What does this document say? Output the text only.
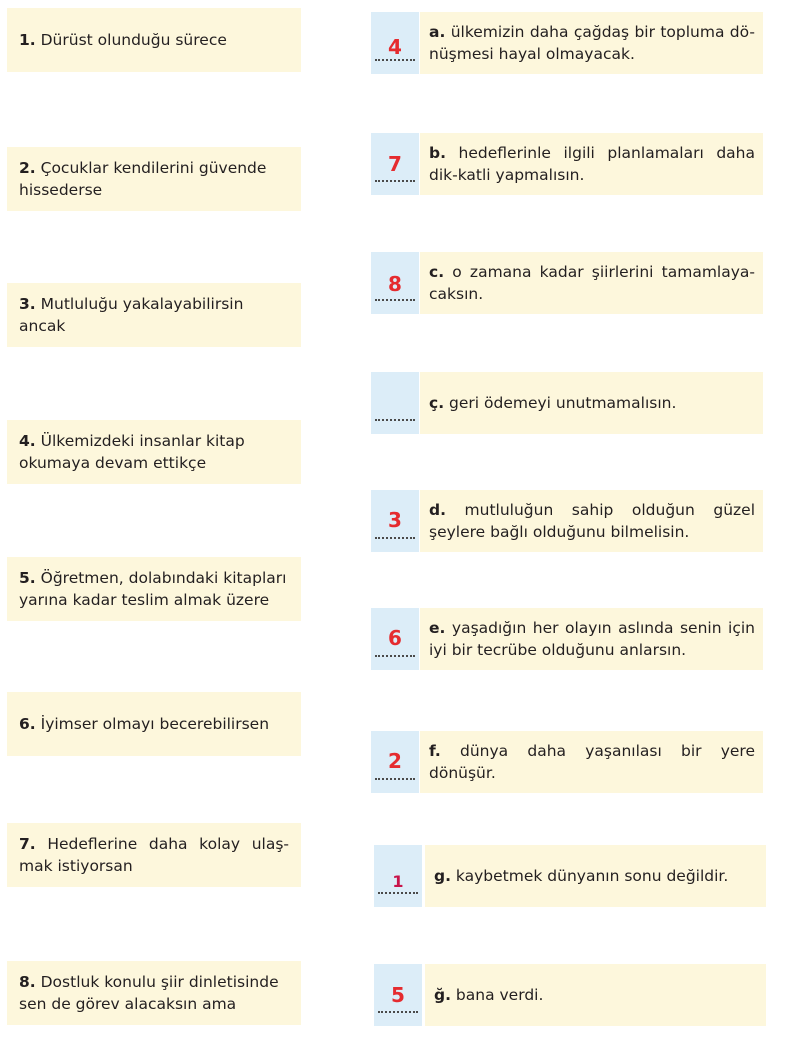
1. Dürüst olunduğu sürece
2. Çocuklar kendilerini güvende hissederse
3. Mutluluğu yakalayabilirsin ancak
4. Ülkemizdeki insanlar kitap okumaya devam ettikçe
5. Öğretmen, dolabındaki kitapları yarına kadar teslim almak üzere
6. İyimser olmayı becerebilirsen
7. Hedeflerine daha kolay ulaş-mak istiyorsan
8. Dostluk konulu şiir dinletisinde sen de görev alacaksın ama
4
7
8
3
6
2
1
5
a. ülkemizin daha çağdaş bir topluma dö-nüşmesi hayal olmayacak.
b. hedeflerinle ilgili planlamaları daha dik-katli yapmalısın.
c. o zamana kadar şiirlerini tamamlaya-caksın.
ç. geri ödemeyi unutmamalısın.
d. mutluluğun sahip olduğun güzel şeylere bağlı olduğunu bilmelisin.
e. yaşadığın her olayın aslında senin için iyi bir tecrübe olduğunu anlarsın.
f. dünya daha yaşanılası bir yere dönüşür.
g. kaybetmek dünyanın sonu değildir.
ğ. bana verdi.
